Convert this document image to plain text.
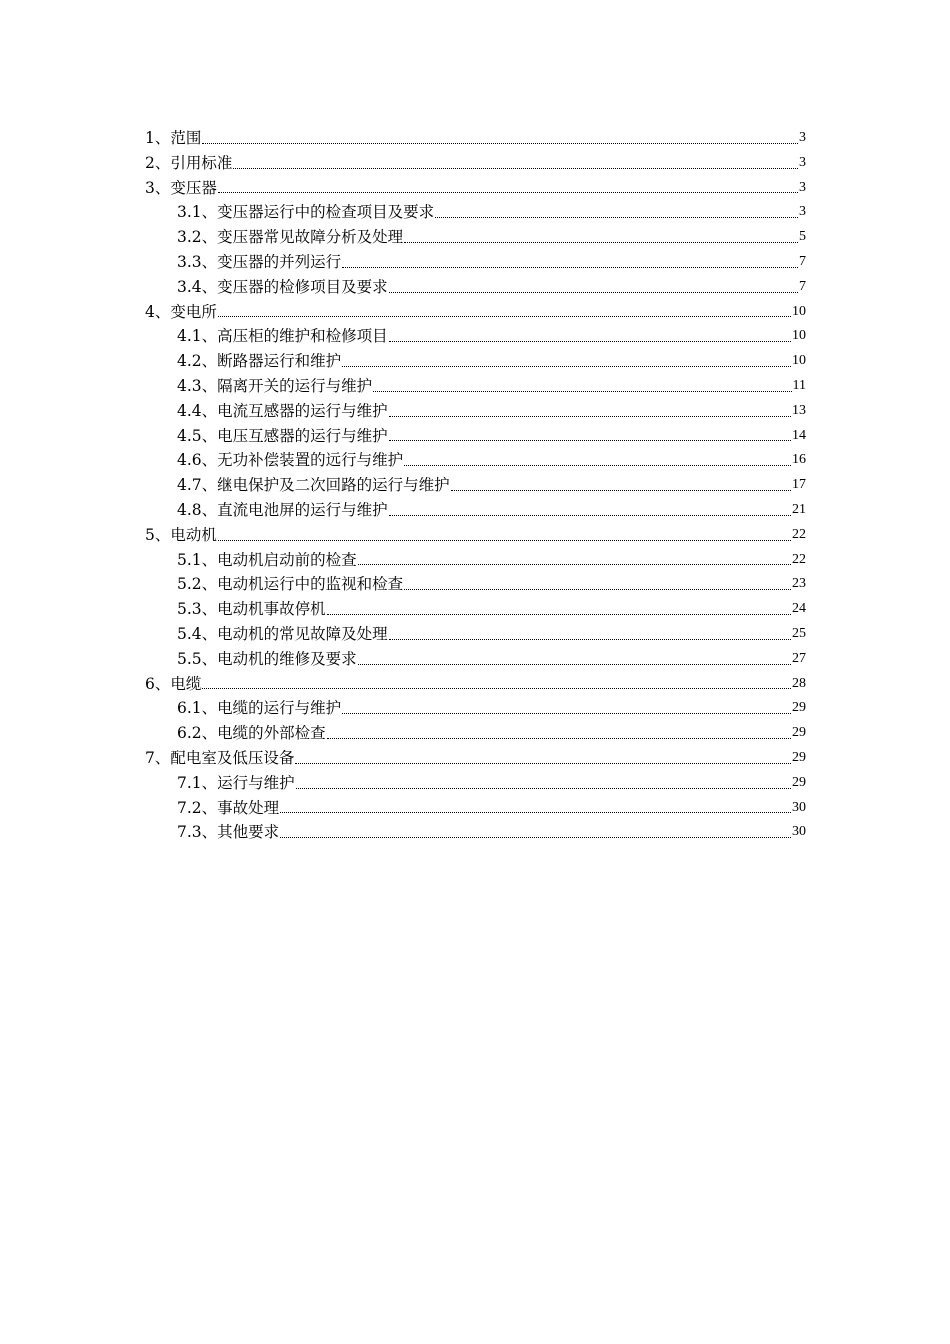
1、范围	3
2、引用标准	3
3、变压器	3
3.1、变压器运行中的检查项目及要求	3
3.2、变压器常见故障分析及处理	5
3.3、变压器的并列运行	7
3.4、变压器的检修项目及要求	7
4、变电所	10
4.1、高压柜的维护和检修项目	10
4.2、断路器运行和维护	10
4.3、隔离开关的运行与维护	11
4.4、电流互感器的运行与维护	13
4.5、电压互感器的运行与维护	14
4.6、无功补偿装置的远行与维护	16
4.7、继电保护及二次回路的运行与维护	17
4.8、直流电池屏的运行与维护	21
5、电动机	22
5.1、电动机启动前的检查	22
5.2、电动机运行中的监视和检查	23
5.3、电动机事故停机	24
5.4、电动机的常见故障及处理	25
5.5、电动机的维修及要求	27
6、电缆	28
6.1、电缆的运行与维护	29
6.2、电缆的外部检查	29
7、配电室及低压设备	29
7.1、运行与维护	29
7.2、事故处理	30
7.3、其他要求	30
